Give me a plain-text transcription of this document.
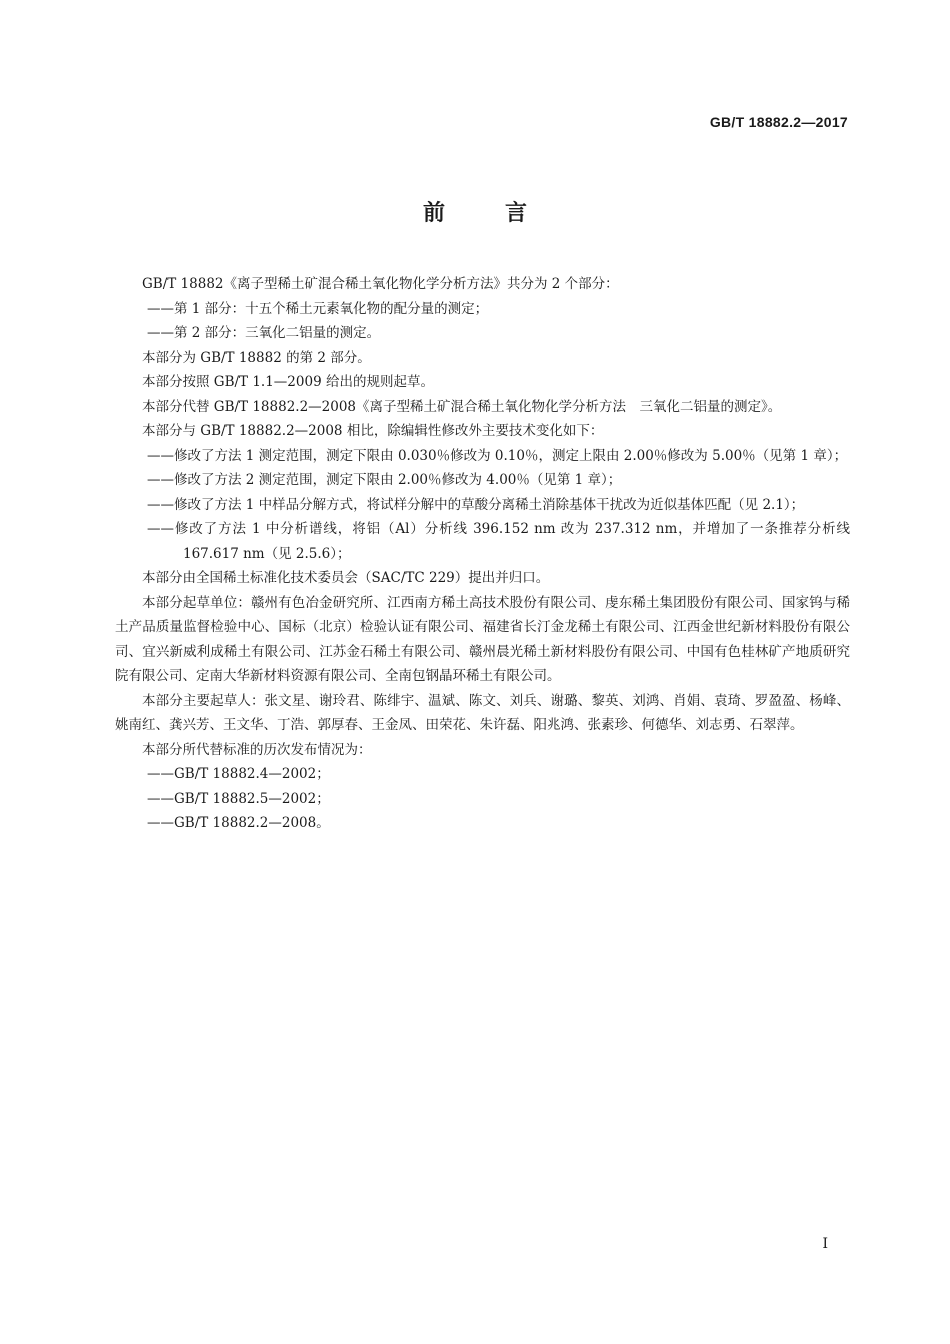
GB/T 18882.2—2017
前言

GB/T 18882《离子型稀土矿混合稀土氧化物化学分析方法》共分为 2 个部分：

——第 1 部分：十五个稀土元素氧化物的配分量的测定；

——第 2 部分：三氧化二铝量的测定。

本部分为 GB/T 18882 的第 2 部分。

本部分按照 GB/T 1.1—2009 给出的规则起草。

本部分代替 GB/T 18882.2—2008《离子型稀土矿混合稀土氧化物化学分析方法　三氧化二铝量的测定》。

本部分与 GB/T 18882.2—2008 相比，除编辑性修改外主要技术变化如下：

——修改了方法 1 测定范围，测定下限由 0.030％修改为 0.10％，测定上限由 2.00％修改为 5.00％（见第 1 章）；

——修改了方法 2 测定范围，测定下限由 2.00％修改为 4.00％（见第 1 章）；

——修改了方法 1 中样品分解方式，将试样分解中的草酸分离稀土消除基体干扰改为近似基体匹配（见 2.1）；

——修改了方法 1 中分析谱线，将铝（Al）分析线 396.152 nm 改为 237.312 nm，并增加了一条推荐分析线 167.617 nm（见 2.5.6）；

本部分由全国稀土标准化技术委员会（SAC/TC 229）提出并归口。

本部分起草单位：赣州有色冶金研究所、江西南方稀土高技术股份有限公司、虔东稀土集团股份有限公司、国家钨与稀土产品质量监督检验中心、国标（北京）检验认证有限公司、福建省长汀金龙稀土有限公司、江西金世纪新材料股份有限公司、宜兴新威利成稀土有限公司、江苏金石稀土有限公司、赣州晨光稀土新材料股份有限公司、中国有色桂林矿产地质研究院有限公司、定南大华新材料资源有限公司、全南包钢晶环稀土有限公司。

本部分主要起草人：张文星、谢玲君、陈绯宇、温斌、陈文、刘兵、谢璐、黎英、刘鸿、肖娟、袁琦、罗盈盈、杨峰、姚南红、龚兴芳、王文华、丁浩、郭厚春、王金凤、田荣花、朱许磊、阳兆鸿、张素珍、何德华、刘志勇、石翠萍。

本部分所代替标准的历次发布情况为：

——GB/T 18882.4—2002；

——GB/T 18882.5—2002；

——GB/T 18882.2—2008。

I
